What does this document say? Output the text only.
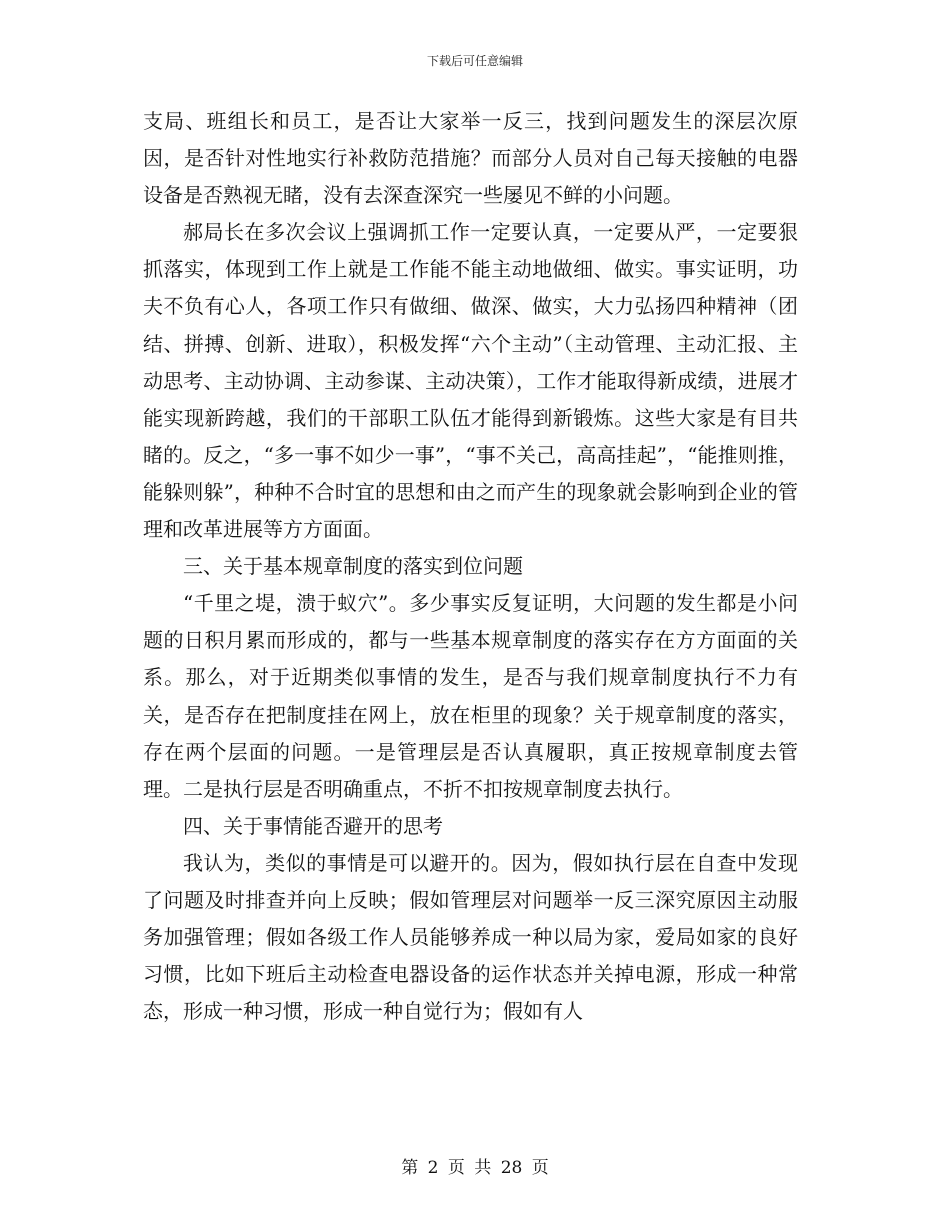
下载后可任意编辑

支局、班组长和员工，是否让大家举一反三，找到问题发生的深层次原因，是否针对性地实行补救防范措施？而部分人员对自己每天接触的电器设备是否熟视无睹，没有去深查深究一些屡见不鲜的小问题。

郝局长在多次会议上强调抓工作一定要认真，一定要从严，一定要狠抓落实，体现到工作上就是工作能不能主动地做细、做实。事实证明，功夫不负有心人，各项工作只有做细、做深、做实，大力弘扬四种精神（团结、拼搏、创新、进取），积极发挥“六个主动”（主动管理、主动汇报、主动思考、主动协调、主动参谋、主动决策），工作才能取得新成绩，进展才能实现新跨越，我们的干部职工队伍才能得到新锻炼。这些大家是有目共睹的。反之，“多一事不如少一事”，“事不关己，高高挂起”，“能推则推，能躲则躲”，种种不合时宜的思想和由之而产生的现象就会影响到企业的管理和改革进展等方方面面。

三、关于基本规章制度的落实到位问题

“千里之堤，溃于蚁穴”。多少事实反复证明，大问题的发生都是小问题的日积月累而形成的，都与一些基本规章制度的落实存在方方面面的关系。那么，对于近期类似事情的发生，是否与我们规章制度执行不力有关，是否存在把制度挂在网上，放在柜里的现象？关于规章制度的落实，存在两个层面的问题。一是管理层是否认真履职，真正按规章制度去管理。二是执行层是否明确重点，不折不扣按规章制度去执行。

四、关于事情能否避开的思考

我认为，类似的事情是可以避开的。因为，假如执行层在自查中发现了问题及时排查并向上反映；假如管理层对问题举一反三深究原因主动服务加强管理；假如各级工作人员能够养成一种以局为家，爱局如家的良好习惯，比如下班后主动检查电器设备的运作状态并关掉电源，形成一种常态，形成一种习惯，形成一种自觉行为；假如有人

第 2 页 共 28 页
